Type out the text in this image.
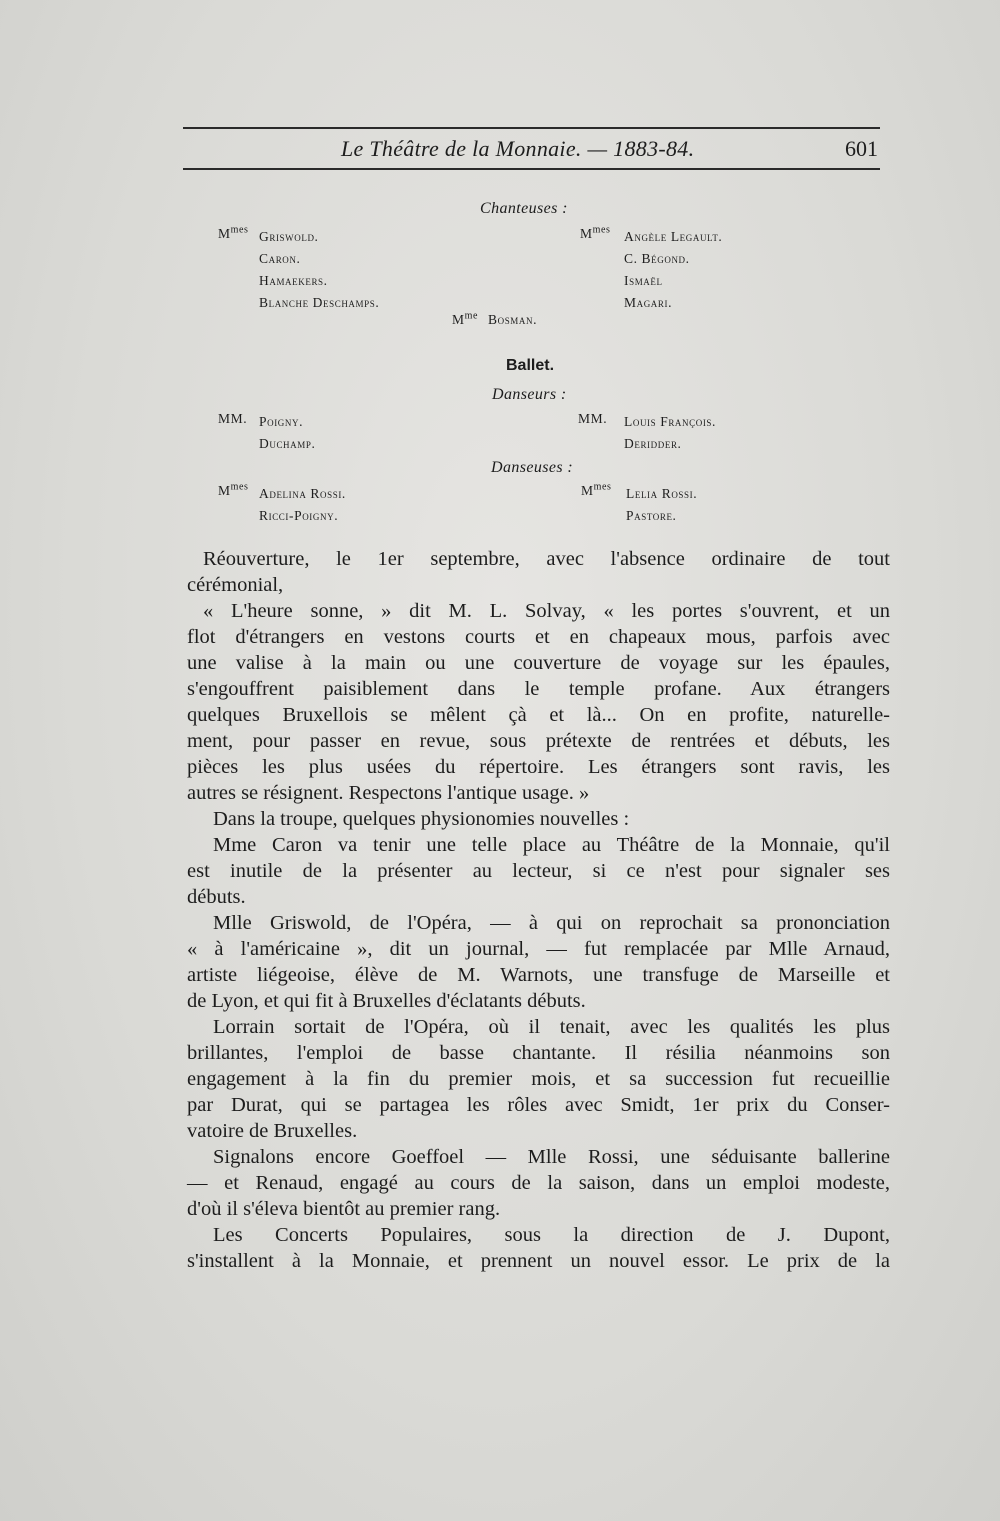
Le Théâtre de la Monnaie. — 1883-84.	601
Chanteuses :
$M^{mes}$ Griswold.
Caron.
Hamaekers.
Blanche Deschamps.
$M^{mes}$ Angèle Legault.
C. Bégond.
Ismaël
Magari.
$M^{me}$ Bosman.
Ballet.
Danseurs :
MM. Poigny.
Duchamp.
MM. Louis François.
Deridder.
Danseuses :
$M^{mes}$ Adelina Rossi.
Ricci-Poigny.
$M^{mes}$ Lelia Rossi.
Pastore.
Réouverture, le 1er septembre, avec l'absence ordinaire de tout
cérémonial,
« L'heure sonne, » dit M. L. Solvay, « les portes s'ouvrent, et un
flot d'étrangers en vestons courts et en chapeaux mous, parfois avec
une valise à la main ou une couverture de voyage sur les épaules,
s'engouffrent paisiblement dans le temple profane. Aux étrangers
quelques Bruxellois se mêlent çà et là... On en profite, naturelle-
ment, pour passer en revue, sous prétexte de rentrées et débuts, les
pièces les plus usées du répertoire. Les étrangers sont ravis, les
autres se résignent. Respectons l'antique usage. »
Dans la troupe, quelques physionomies nouvelles :
Mme Caron va tenir une telle place au Théâtre de la Monnaie, qu'il
est inutile de la présenter au lecteur, si ce n'est pour signaler ses
débuts.
Mlle Griswold, de l'Opéra, — à qui on reprochait sa prononciation
« à l'américaine », dit un journal, — fut remplacée par Mlle Arnaud,
artiste liégeoise, élève de M. Warnots, une transfuge de Marseille et
de Lyon, et qui fit à Bruxelles d'éclatants débuts.
Lorrain sortait de l'Opéra, où il tenait, avec les qualités les plus
brillantes, l'emploi de basse chantante. Il résilia néanmoins son
engagement à la fin du premier mois, et sa succession fut recueillie
par Durat, qui se partagea les rôles avec Smidt, 1er prix du Conser-
vatoire de Bruxelles.
Signalons encore Goeffoel — Mlle Rossi, une séduisante ballerine
— et Renaud, engagé au cours de la saison, dans un emploi modeste,
d'où il s'éleva bientôt au premier rang.
Les Concerts Populaires, sous la direction de J. Dupont,
s'installent à la Monnaie, et prennent un nouvel essor. Le prix de la
